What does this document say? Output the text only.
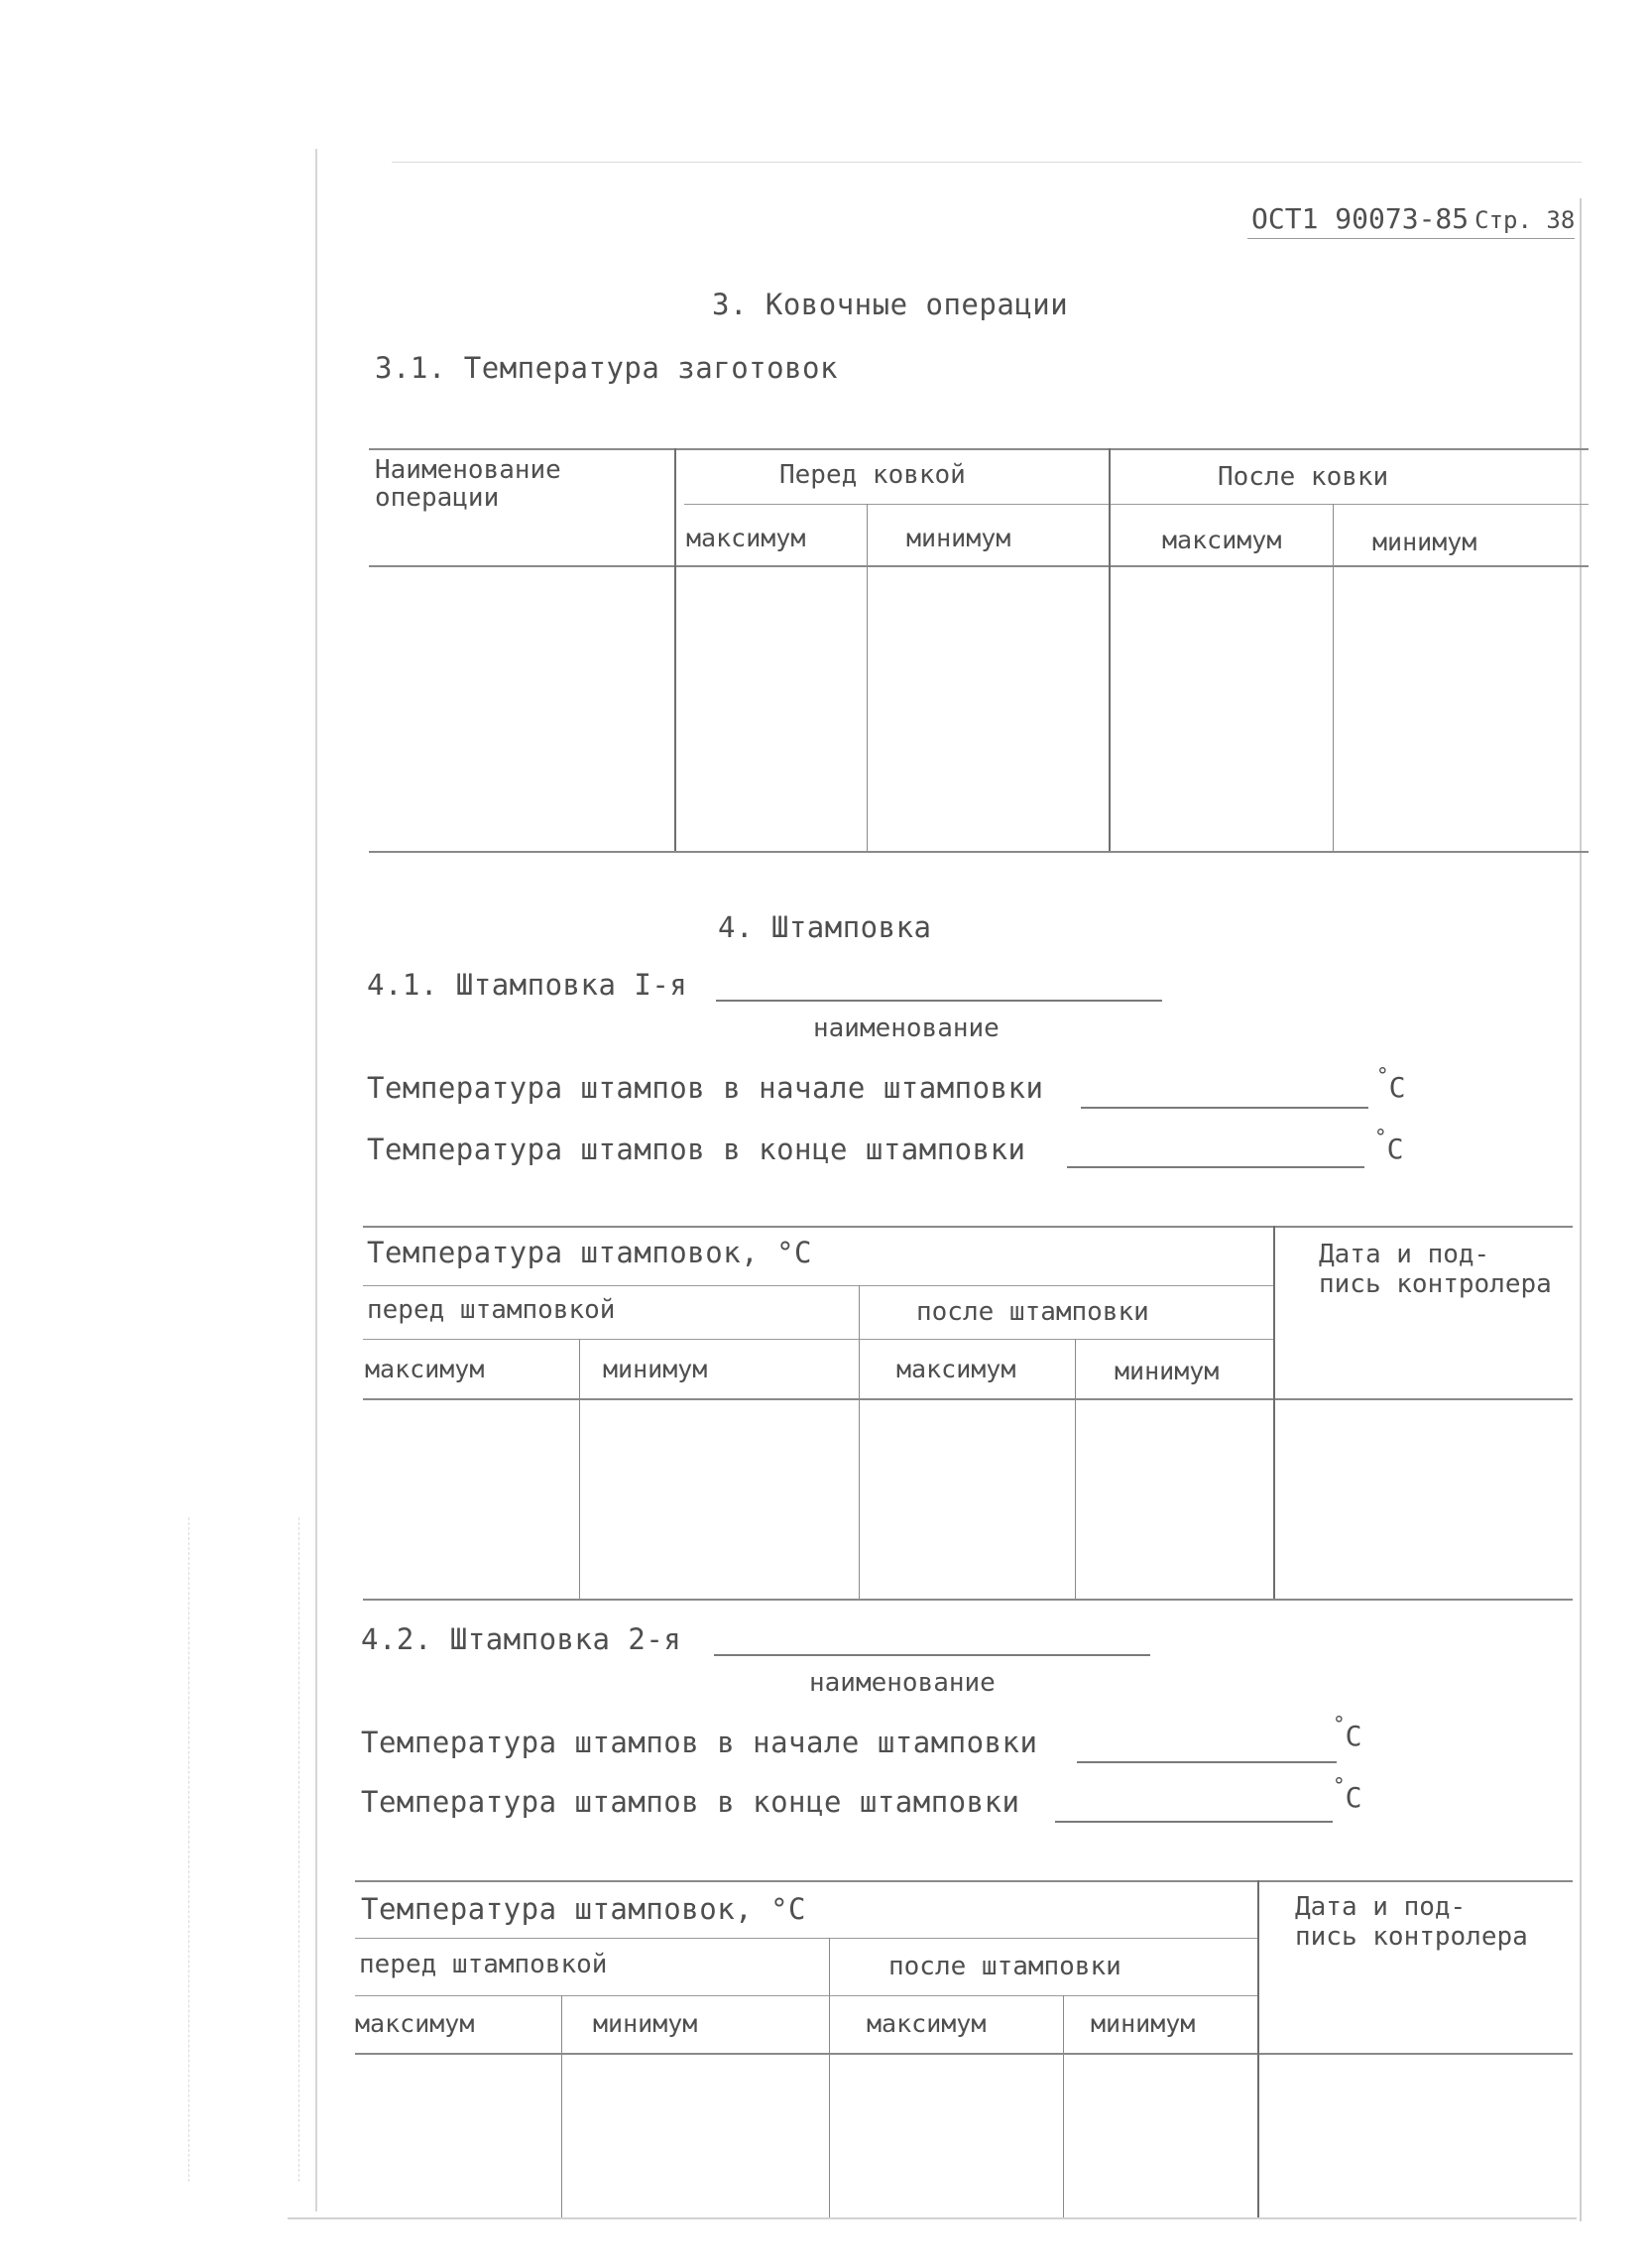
ОСТ1 90073-85 Стр. 38
3. Ковочные операции
3.1. Температура заготовок
Наименование операции
Перед ковкой	После ковки
максимум	минимум	максимум	минимум
4. Штамповка
4.1. Штамповка I-я
наименование
Температура штампов в начале штамповки	°C
Температура штампов в конце штамповки	°C
Температура штамповок, °C	Дата и под-
пись контролера
перед штамповкой	после штамповки
максимум	минимум	максимум	минимум
4.2. Штамповка 2-я
наименование
Температура штампов в начале штамповки
°C
Температура штампов в конце штамповки	°C
Температура штамповок, °C	Дата и под-
пись контролера
перед штамповкой	после штамповки
максимум	минимум	максимум	минимум
